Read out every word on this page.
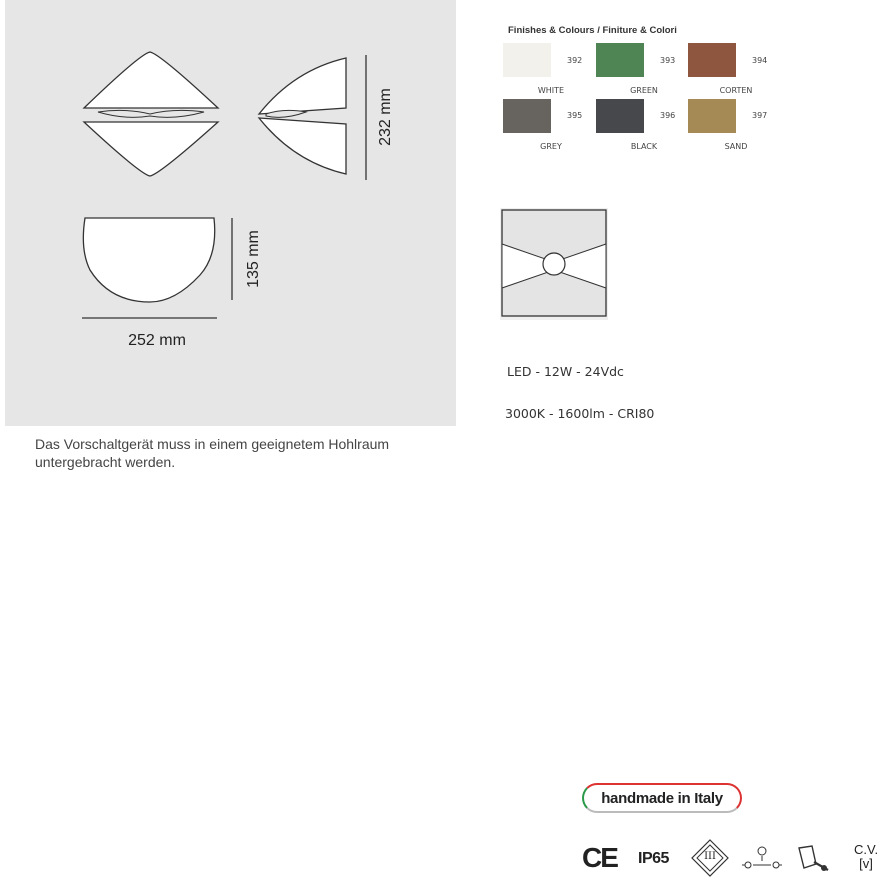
232 mm
135 mm
252 mm
Das Vorschaltgerät muss in einem geeignetem Hohlraum untergebracht werden.
Finishes & Colours / Finiture & Colori
392
WHITE
393
GREEN
394
CORTEN
395
GREY
396
BLACK
397
SAND
LED - 12W - 24Vdc
3000K - 1600lm - CRI80
handmade in Italy
CE IP65	III	C.V.
[v]
